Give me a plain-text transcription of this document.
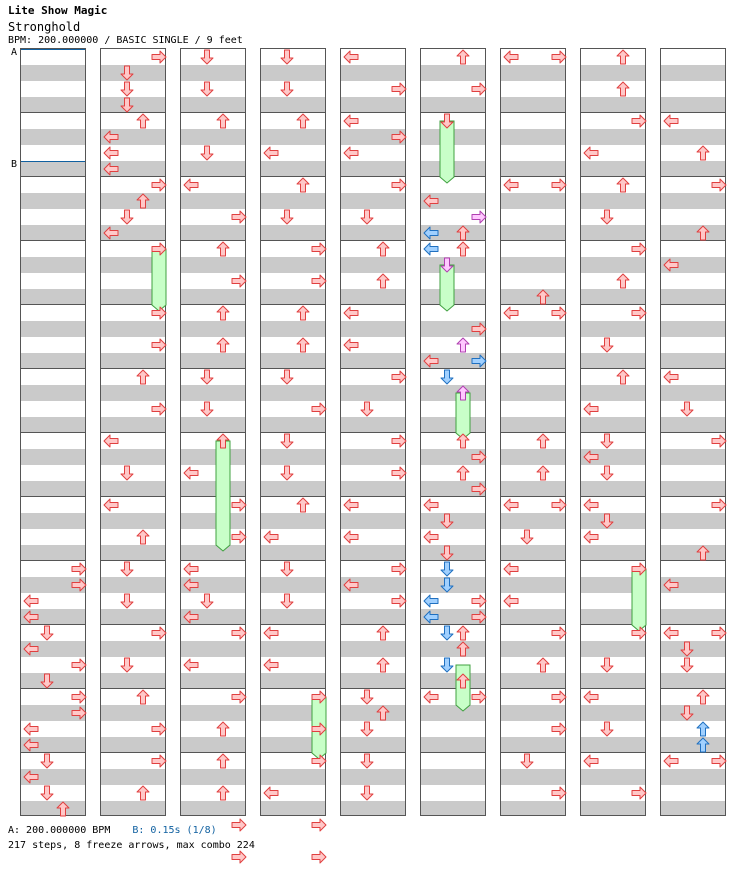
Lite Show Magic
Stronghold
BPM: 200.000000 / BASIC SINGLE / 9 feet
A
B
A: 200.000000 BPM B: 0.15s (1/8)
217 steps, 8 freeze arrows, max combo 224
